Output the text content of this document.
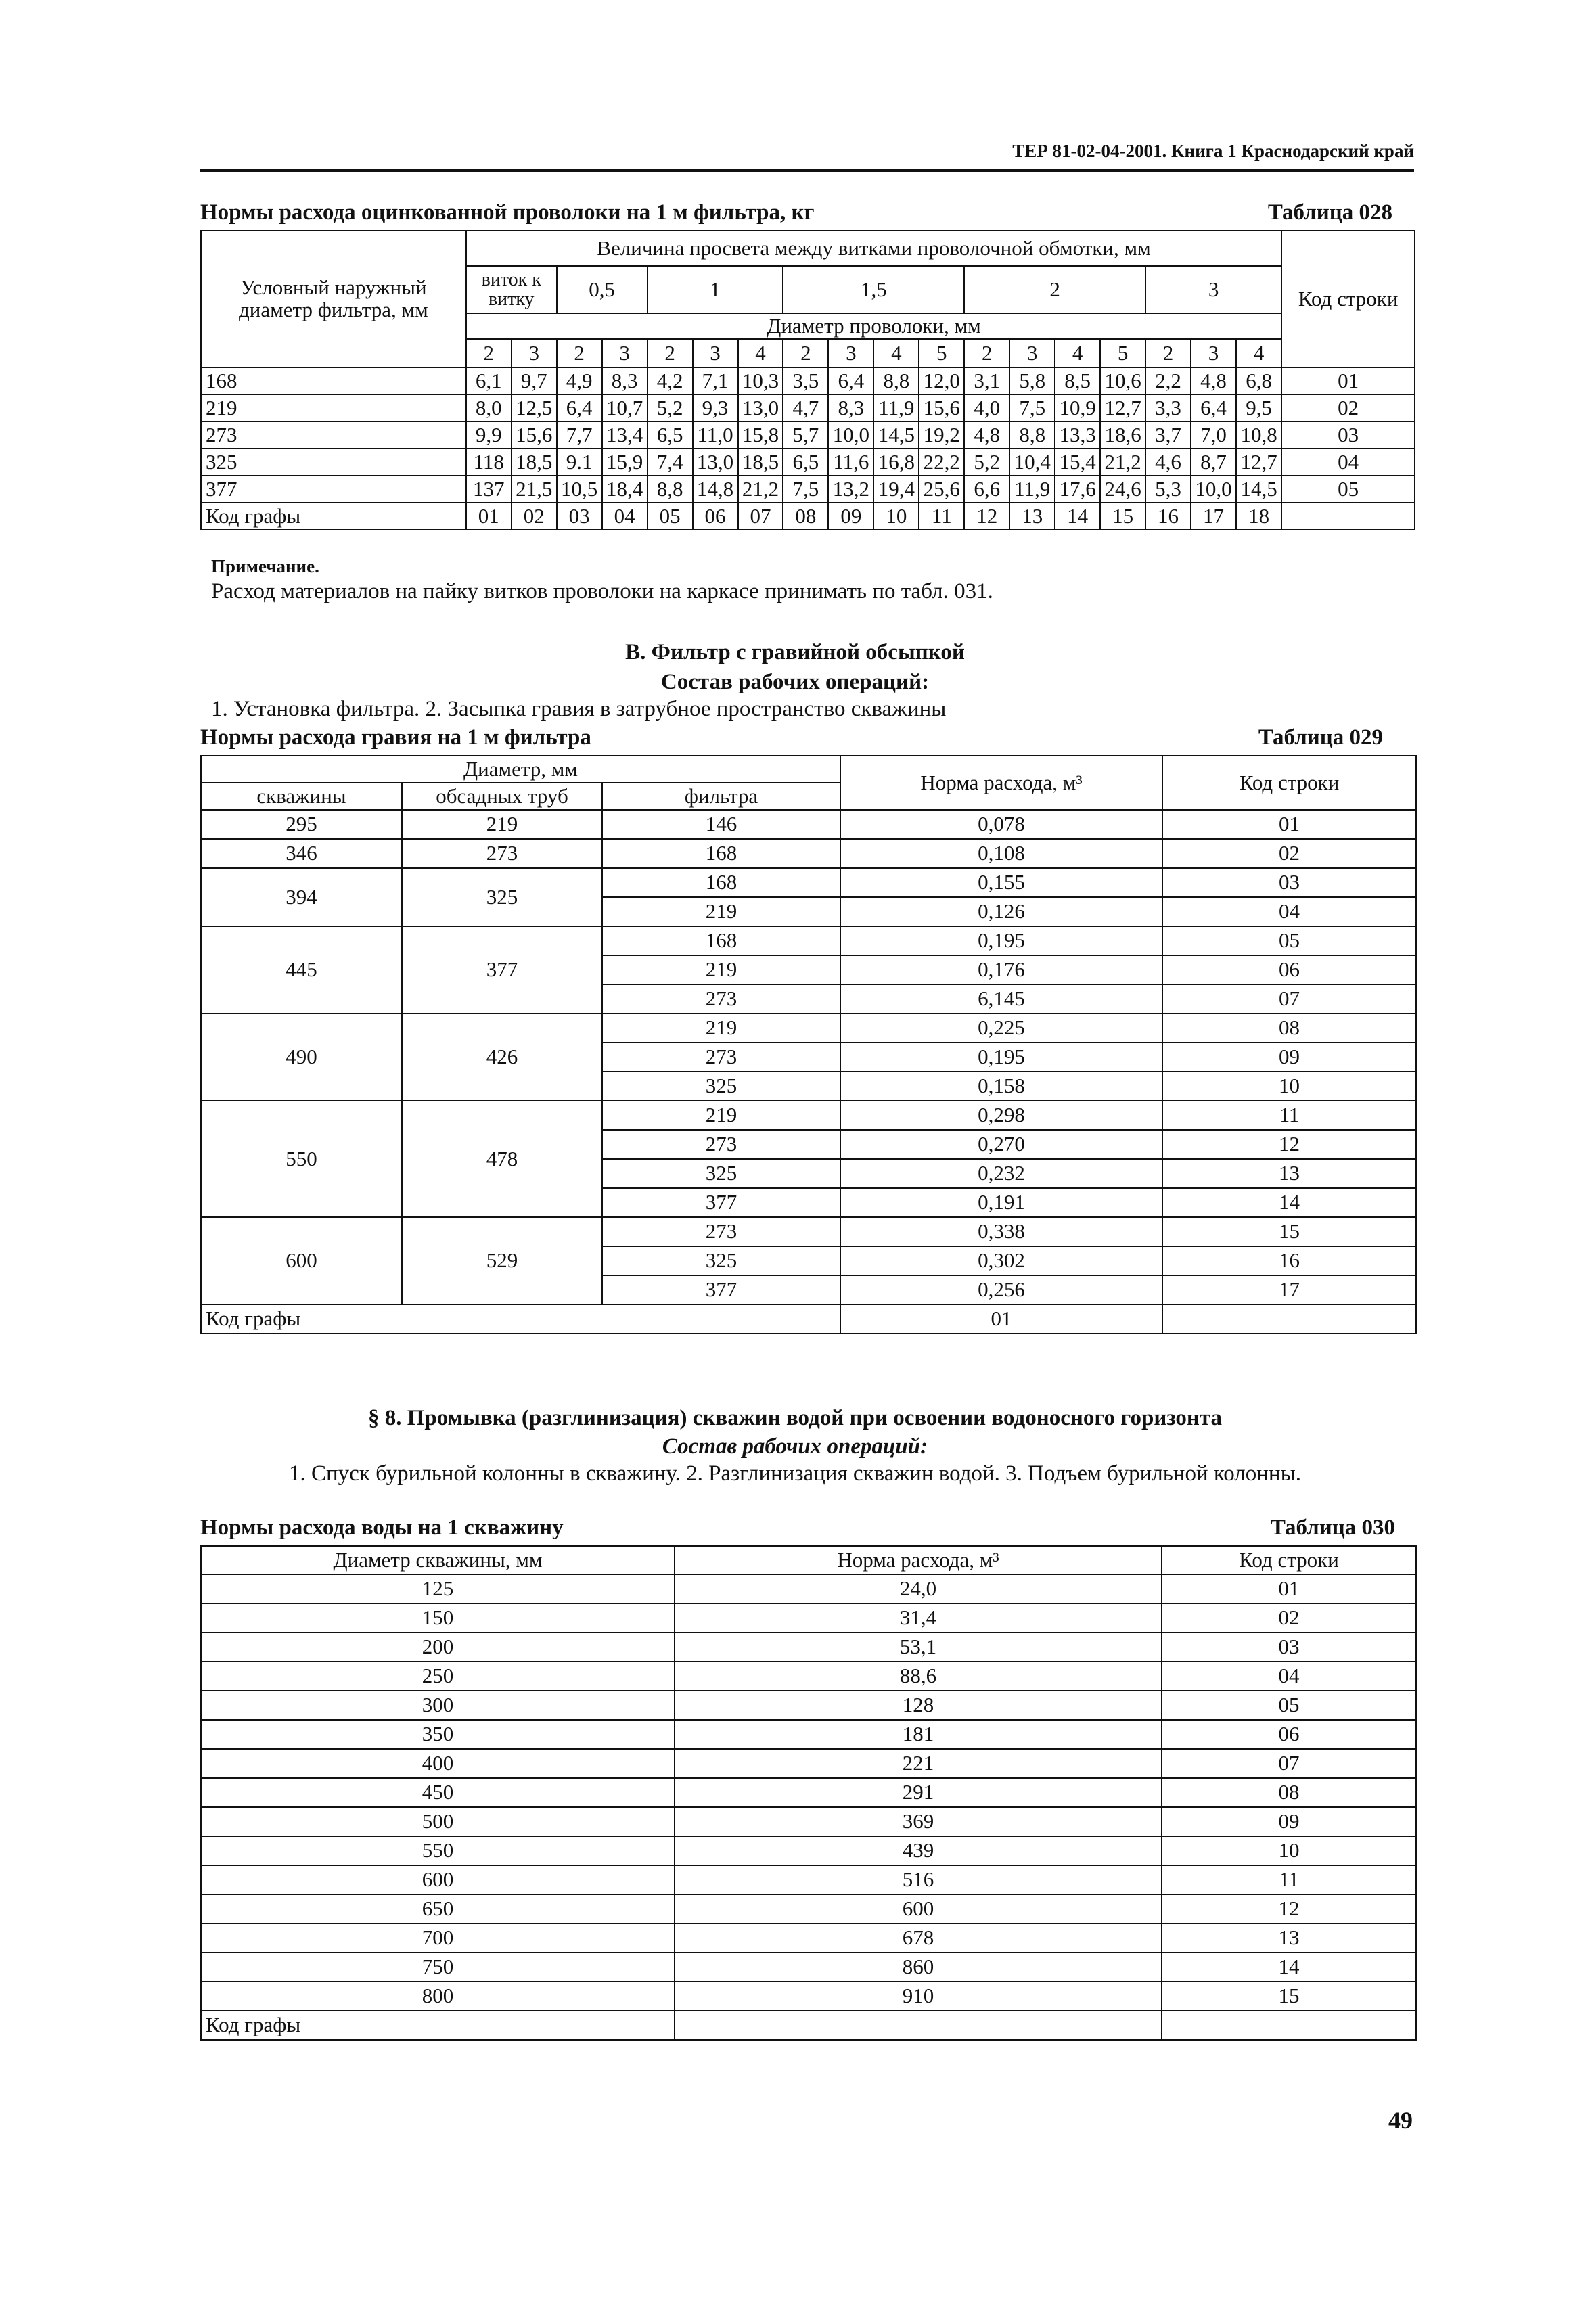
ТЕР 81-02-04-2001. Книга 1 Краснодарский край
Нормы расхода оцинкованной проволоки на 1 м фильтра, кг	Таблица 028
Условный наружный диаметр фильтра, мм	Величина просвета между витками проволочной обмотки, мм																		Код строки
	виток к витку		0,5		1			1,5				2				3			
	Диаметр проволоки, мм																		
	2	3	2	3	2	3	4	2	3	4	5	2	3	4	5	2	3	4	
168	6,1	9,7	4,9	8,3	4,2	7,1	10,3	3,5	6,4	8,8	12,0	3,1	5,8	8,5	10,6	2,2	4,8	6,8	01
219	8,0	12,5	6,4	10,7	5,2	9,3	13,0	4,7	8,3	11,9	15,6	4,0	7,5	10,9	12,7	3,3	6,4	9,5	02
273	9,9	15,6	7,7	13,4	6,5	11,0	15,8	5,7	10,0	14,5	19,2	4,8	8,8	13,3	18,6	3,7	7,0	10,8	03
325	118	18,5	9.1	15,9	7,4	13,0	18,5	6,5	11,6	16,8	22,2	5,2	10,4	15,4	21,2	4,6	8,7	12,7	04
377	137	21,5	10,5	18,4	8,8	14,8	21,2	7,5	13,2	19,4	25,6	6,6	11,9	17,6	24,6	5,3	10,0	14,5	05
Код графы	01	02	03	04	05	06	07	08	09	10	11	12	13	14	15	16	17	18	
Примечание.
Расход материалов на пайку витков проволоки на каркасе принимать по табл. 031.
В. Фильтр с гравийной обсыпкой
Состав рабочих операций:
1. Установка фильтра. 2. Засыпка гравия в затрубное пространство скважины
Нормы расхода гравия на 1 м фильтра	Таблица 029
Диаметр, мм			Норма расхода, м³	Код строки
скважины	обсадных труб	фильтра		
295	219	146	0,078	01
346	273	168	0,108	02
394	325	168	0,155	03
		219	0,126	04
445	377	168	0,195	05
		219	0,176	06
		273	6,145	07
490	426	219	0,225	08
		273	0,195	09
		325	0,158	10
550	478	219	0,298	11
		273	0,270	12
		325	0,232	13
		377	0,191	14
600	529	273	0,338	15
		325	0,302	16
		377	0,256	17
Код графы			01	
§ 8. Промывка (разглинизация) скважин водой при освоении водоносного горизонта
Состав рабочих операций:
1. Спуск бурильной колонны в скважину. 2. Разглинизация скважин водой. 3. Подъем бурильной колонны.
Нормы расхода воды на 1 скважину	Таблица 030
Диаметр скважины, мм	Норма расхода, м³	Код строки
125	24,0	01
150	31,4	02
200	53,1	03
250	88,6	04
300	128	05
350	181	06
400	221	07
450	291	08
500	369	09
550	439	10
600	516	11
650	600	12
700	678	13
750	860	14
800	910	15
Код графы		
49
